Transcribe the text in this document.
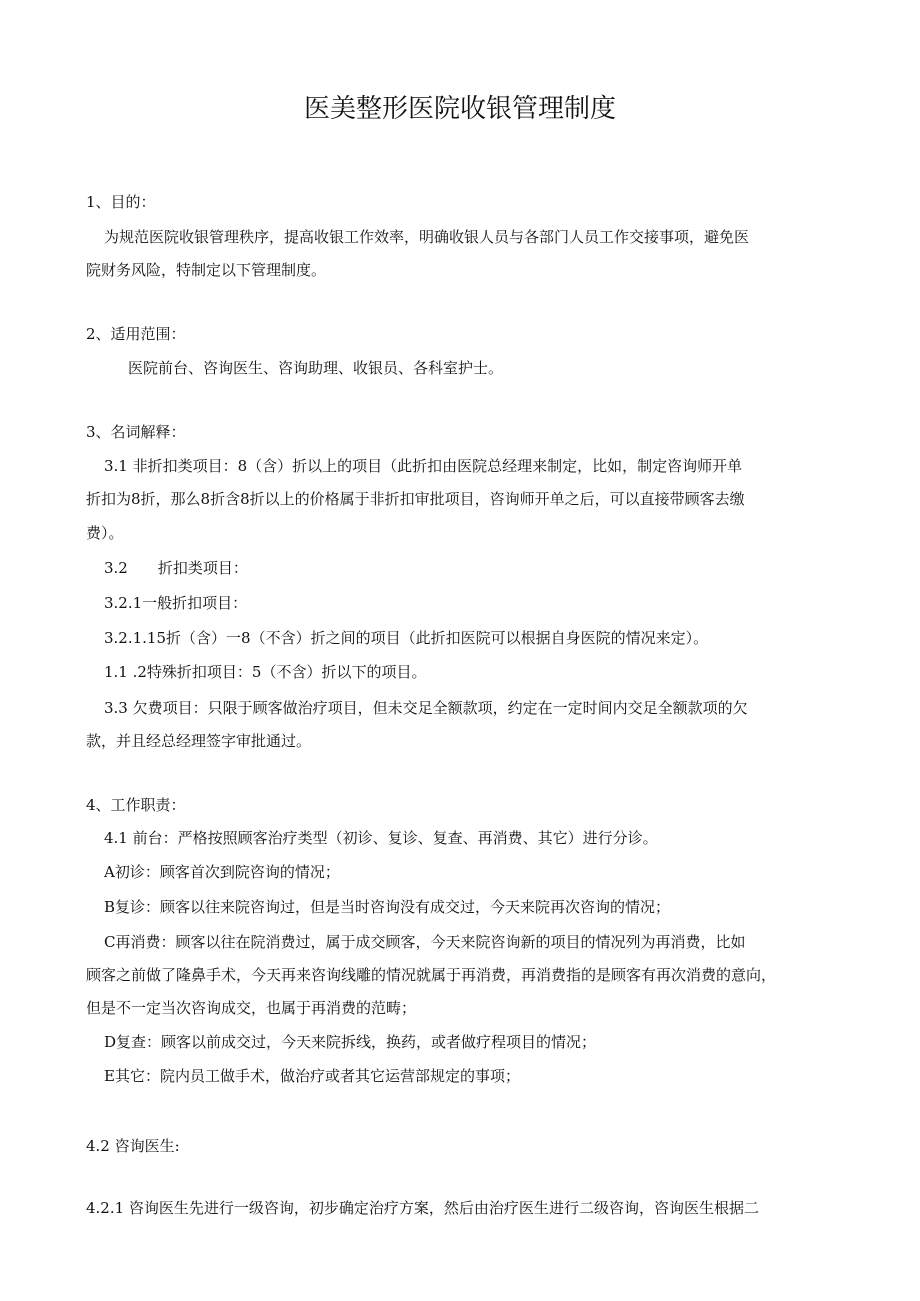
医美整形医院收银管理制度
1、目的：
为规范医院收银管理秩序，提高收银工作效率，明确收银人员与各部门人员工作交接事项，避免医
院财务风险，特制定以下管理制度。
2、适用范围：
医院前台、咨询医生、咨询助理、收银员、各科室护士。
3、名词解释：
3.1 非折扣类项目：8（含）折以上的项目（此折扣由医院总经理来制定，比如，制定咨询师开单
折扣为8折，那么8折含8折以上的价格属于非折扣审批项目，咨询师开单之后，可以直接带顾客去缴
费）。
3.2　　折扣类项目：
3.2.1一般折扣项目：
3.2.1.15折（含）一8（不含）折之间的项目（此折扣医院可以根据自身医院的情况来定）。
1.1 .2特殊折扣项目：5（不含）折以下的项目。
3.3 欠费项目：只限于顾客做治疗项目，但未交足全额款项，约定在一定时间内交足全额款项的欠
款，并且经总经理签字审批通过。
4、工作职责：
4.1 前台：严格按照顾客治疗类型（初诊、复诊、复查、再消费、其它）进行分诊。
A初诊：顾客首次到院咨询的情况；
B复诊：顾客以往来院咨询过，但是当时咨询没有成交过，今天来院再次咨询的情况；
C再消费：顾客以往在院消费过，属于成交顾客，今天来院咨询新的项目的情况列为再消费，比如
顾客之前做了隆鼻手术，今天再来咨询线雕的情况就属于再消费，再消费指的是顾客有再次消费的意向，
但是不一定当次咨询成交，也属于再消费的范畴；
D复查：顾客以前成交过，今天来院拆线，换药，或者做疗程项目的情况；
E其它：院内员工做手术，做治疗或者其它运营部规定的事项；
4.2 咨询医生:
4.2.1 咨询医生先进行一级咨询，初步确定治疗方案，然后由治疗医生进行二级咨询，咨询医生根据二
